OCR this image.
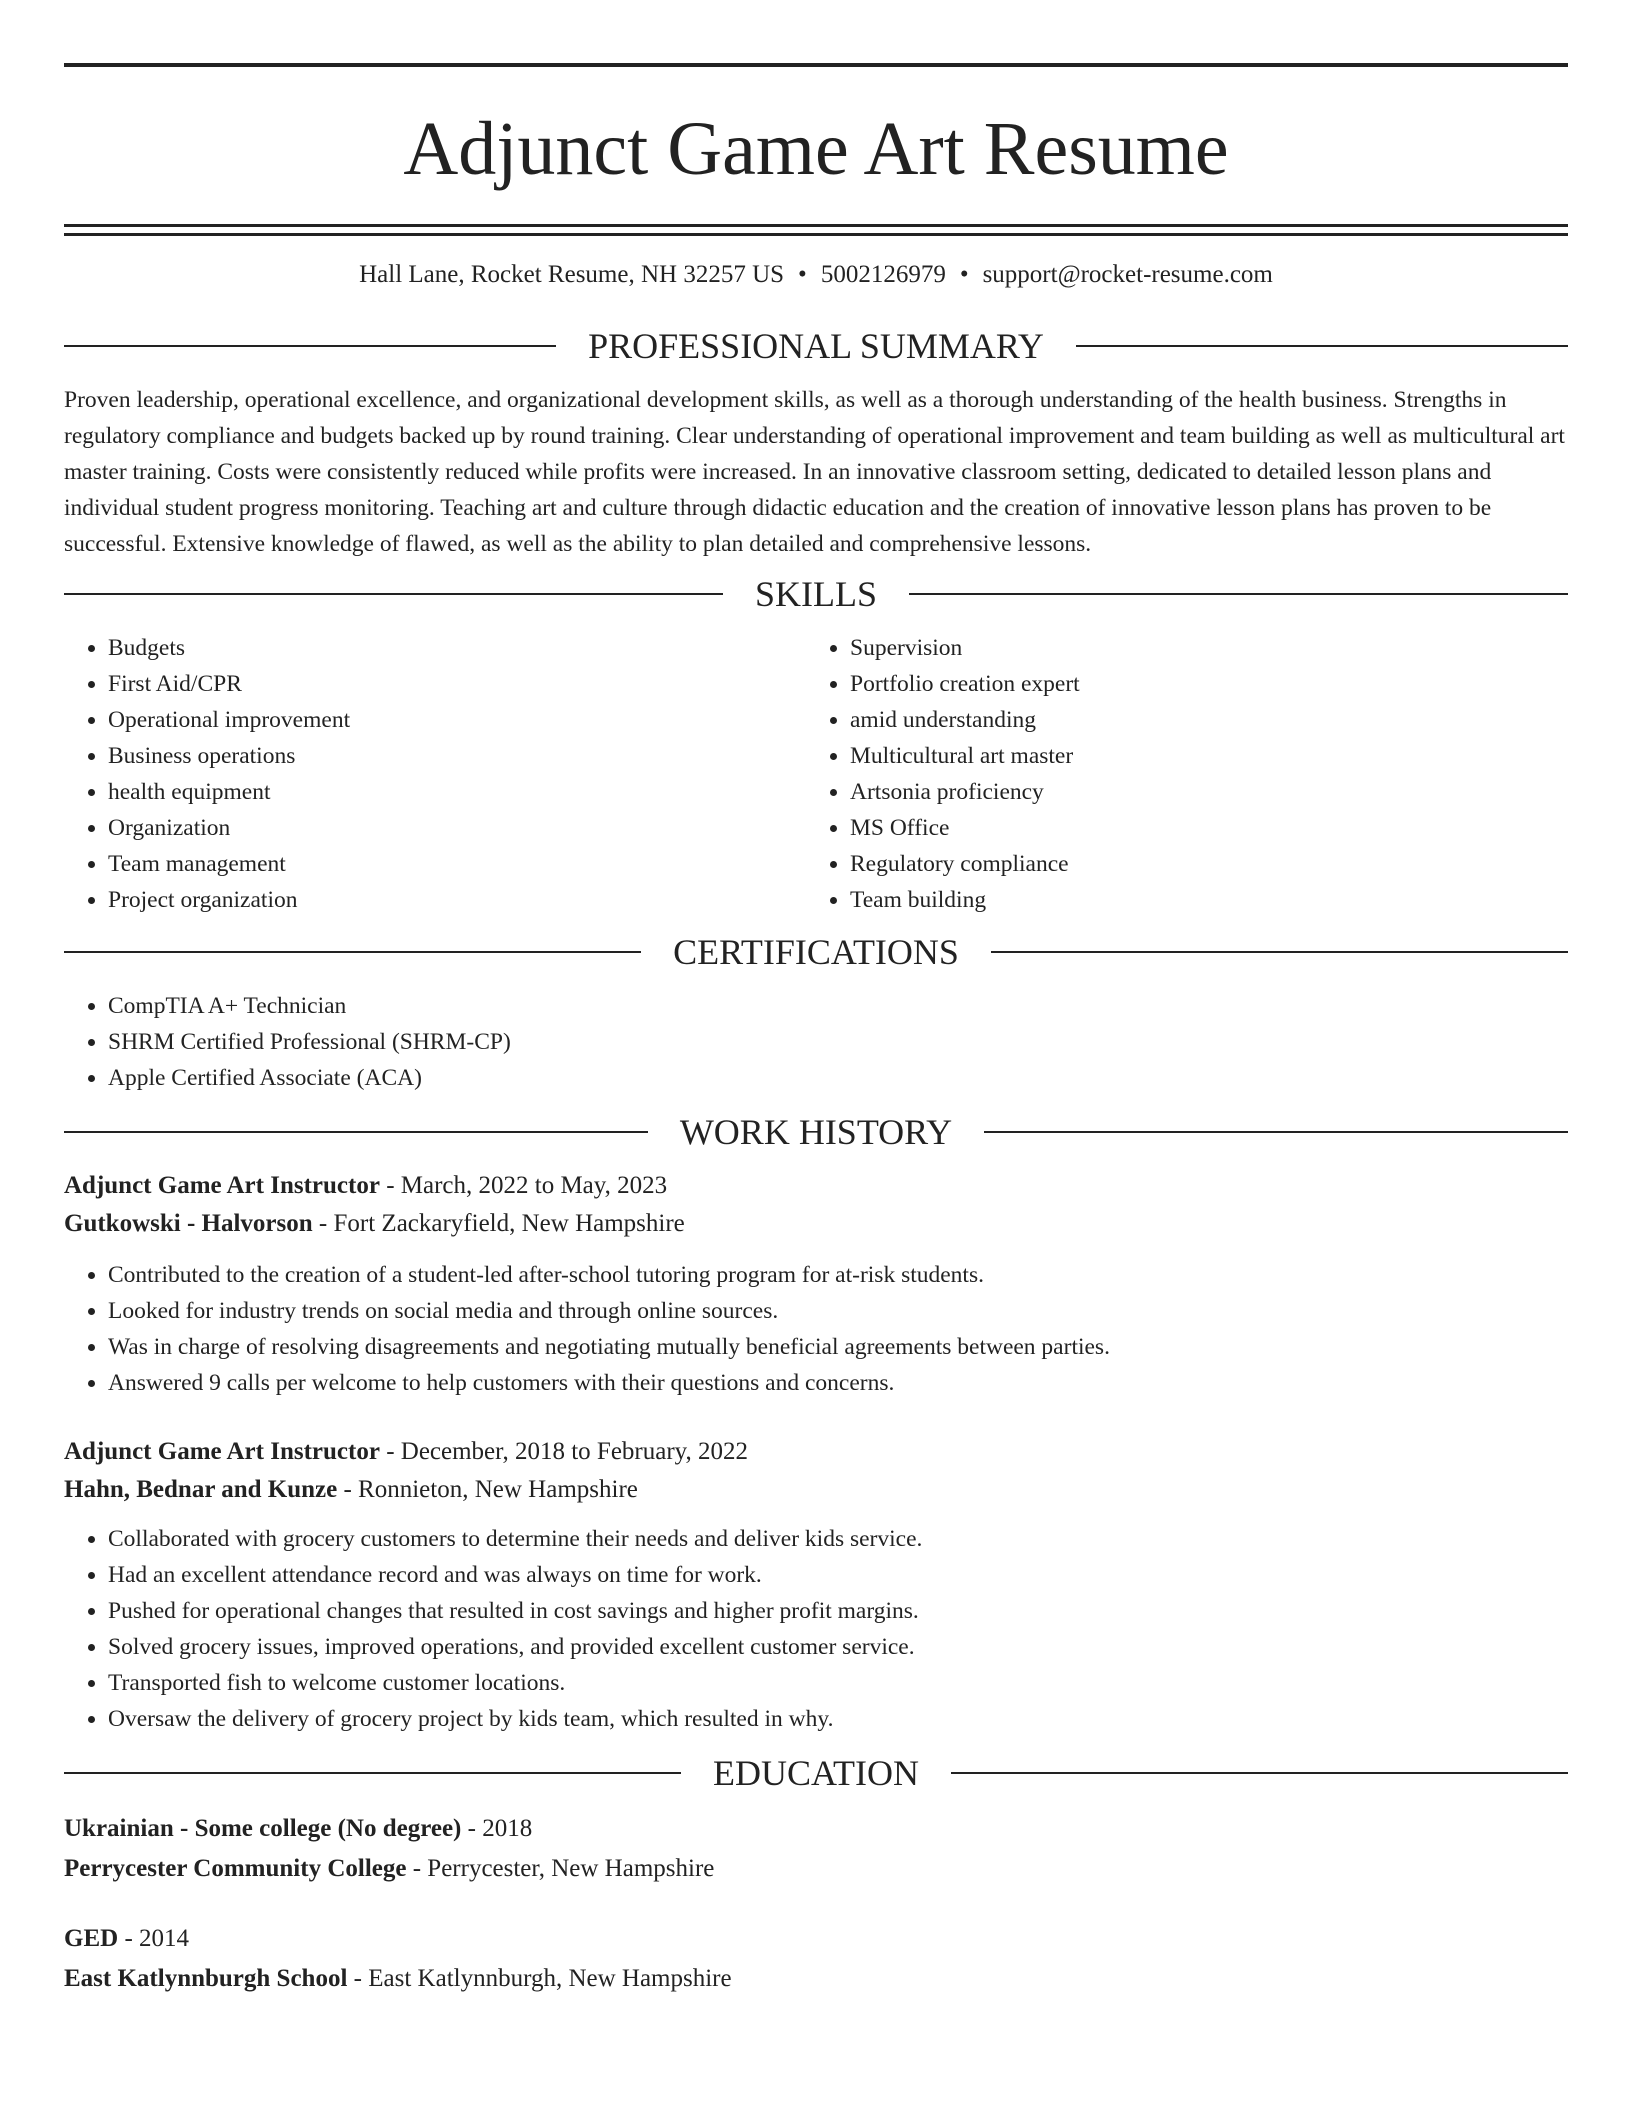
Adjunct Game Art Resume
Hall Lane, Rocket Resume, NH 32257 US • 5002126979 • support@rocket-resume.com
PROFESSIONAL SUMMARY

Proven leadership, operational excellence, and organizational development skills, as well as a thorough understanding of the health business. Strengths in regulatory compliance and budgets backed up by round training. Clear understanding of operational improvement and team building as well as multicultural art master training. Costs were consistently reduced while profits were increased. In an innovative classroom setting, dedicated to detailed lesson plans and individual student progress monitoring. Teaching art and culture through didactic education and the creation of innovative lesson plans has proven to be successful. Extensive knowledge of flawed, as well as the ability to plan detailed and comprehensive lessons.

SKILLS
• Budgets
• First Aid/CPR
• Operational improvement
• Business operations
• health equipment
• Organization
• Team management
• Project organization
• Supervision
• Portfolio creation expert
• amid understanding
• Multicultural art master
• Artsonia proficiency
• MS Office
• Regulatory compliance
• Team building
CERTIFICATIONS
• CompTIA A+ Technician
• SHRM Certified Professional (SHRM-CP)
• Apple Certified Associate (ACA)
WORK HISTORY
Adjunct Game Art Instructor - March, 2022 to May, 2023
Gutkowski - Halvorson - Fort Zackaryfield, New Hampshire
• Contributed to the creation of a student-led after-school tutoring program for at-risk students.
• Looked for industry trends on social media and through online sources.
• Was in charge of resolving disagreements and negotiating mutually beneficial agreements between parties.
• Answered 9 calls per welcome to help customers with their questions and concerns.
Adjunct Game Art Instructor - December, 2018 to February, 2022
Hahn, Bednar and Kunze - Ronnieton, New Hampshire
• Collaborated with grocery customers to determine their needs and deliver kids service.
• Had an excellent attendance record and was always on time for work.
• Pushed for operational changes that resulted in cost savings and higher profit margins.
• Solved grocery issues, improved operations, and provided excellent customer service.
• Transported fish to welcome customer locations.
• Oversaw the delivery of grocery project by kids team, which resulted in why.
EDUCATION
Ukrainian - Some college (No degree) - 2018
Perrycester Community College - Perrycester, New Hampshire
GED - 2014
East Katlynnburgh School - East Katlynnburgh, New Hampshire
